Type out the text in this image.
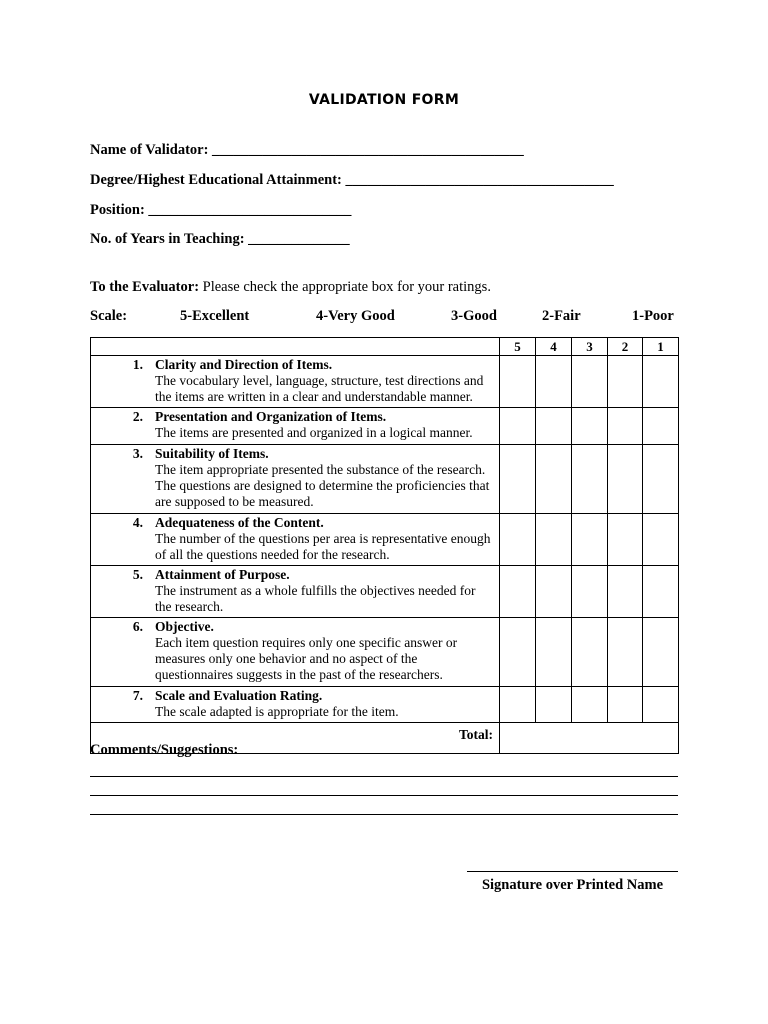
VALIDATION FORM
Name of Validator: ___________________________________________
Degree/Highest Educational Attainment: _____________________________________
Position: ____________________________
No. of Years in Teaching: ______________
To the Evaluator: Please check the appropriate box for your ratings.
Scale:	5-Excellent	4-Very Good	3-Good	2-Fair	1-Poor
	5	4	3	2	1

1. Clarity and Direction of Items.
The vocabulary level, language, structure, test directions and the items are written in a clear and understandable manner.					

2. Presentation and Organization of Items.
The items are presented and organized in a logical manner.					

3. Suitability of Items.
The item appropriate presented the substance of the research. The questions are designed to determine the proficiencies that are supposed to be measured.					

4. Adequateness of the Content.
The number of the questions per area is representative enough of all the questions needed for the research.					

5. Attainment of Purpose.
The instrument as a whole fulfills the objectives needed for the research.					

6. Objective.
Each item question requires only one specific answer or measures only one behavior and no aspect of the questionnaires suggests in the past of the researchers.					

7. Scale and Evaluation Rating.
The scale adapted is appropriate for the item.					

Total:					
Comments/Suggestions:
Signature over Printed Name
